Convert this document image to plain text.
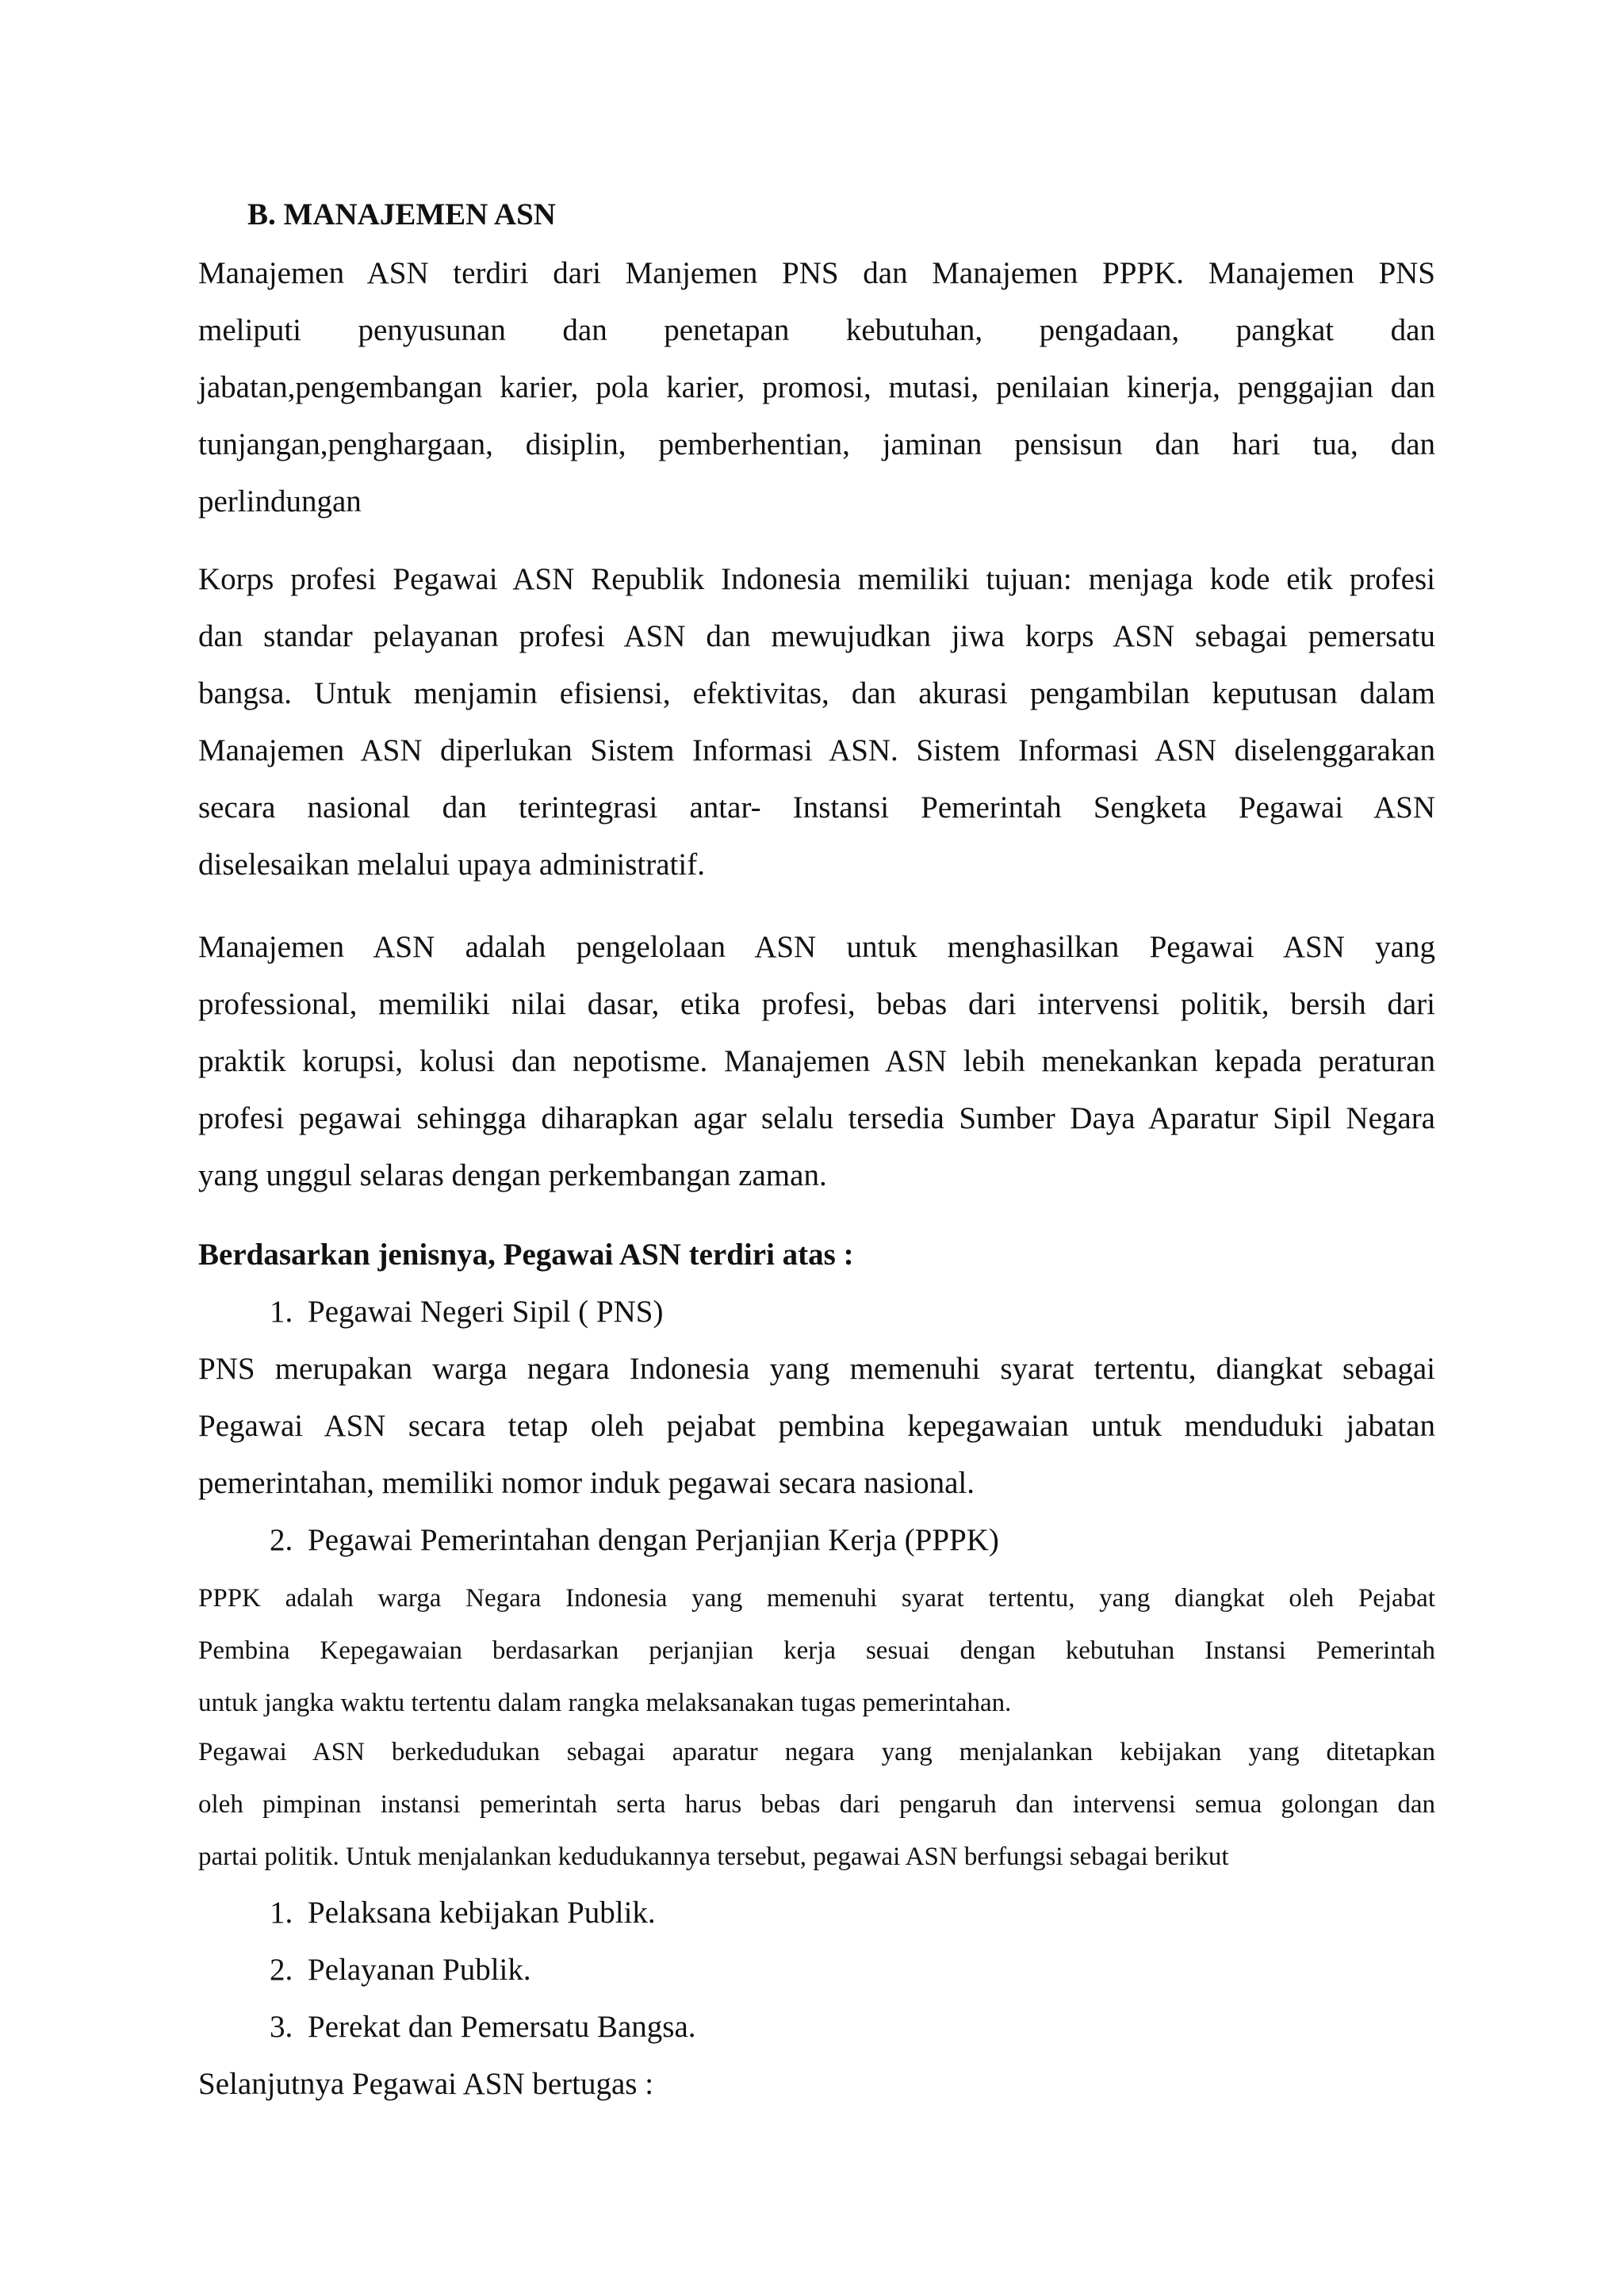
B. MANAJEMEN ASN
Manajemen ASN terdiri dari Manjemen PNS dan Manajemen PPPK. Manajemen PNS
meliputi penyusunan dan penetapan kebutuhan, pengadaan, pangkat dan
jabatan,pengembangan karier, pola karier, promosi, mutasi, penilaian kinerja, penggajian dan
tunjangan,penghargaan, disiplin, pemberhentian, jaminan pensisun dan hari tua, dan
perlindungan
Korps profesi Pegawai ASN Republik Indonesia memiliki tujuan: menjaga kode etik profesi
dan standar pelayanan profesi ASN dan mewujudkan jiwa korps ASN sebagai pemersatu
bangsa. Untuk menjamin efisiensi, efektivitas, dan akurasi pengambilan keputusan dalam
Manajemen ASN diperlukan Sistem Informasi ASN. Sistem Informasi ASN diselenggarakan
secara nasional dan terintegrasi antar- Instansi Pemerintah Sengketa Pegawai ASN
diselesaikan melalui upaya administratif.
Manajemen ASN adalah pengelolaan ASN untuk menghasilkan Pegawai ASN yang
professional, memiliki nilai dasar, etika profesi, bebas dari intervensi politik, bersih dari
praktik korupsi, kolusi dan nepotisme. Manajemen ASN lebih menekankan kepada peraturan
profesi pegawai sehingga diharapkan agar selalu tersedia Sumber Daya Aparatur Sipil Negara
yang unggul selaras dengan perkembangan zaman.
Berdasarkan jenisnya, Pegawai ASN terdiri atas :
1. Pegawai Negeri Sipil ( PNS)
PNS merupakan warga negara Indonesia yang memenuhi syarat tertentu, diangkat sebagai
Pegawai ASN secara tetap oleh pejabat pembina kepegawaian untuk menduduki jabatan
pemerintahan, memiliki nomor induk pegawai secara nasional.
2. Pegawai Pemerintahan dengan Perjanjian Kerja (PPPK)
PPPK adalah warga Negara Indonesia yang memenuhi syarat tertentu, yang diangkat oleh Pejabat
Pembina Kepegawaian berdasarkan perjanjian kerja sesuai dengan kebutuhan Instansi Pemerintah
untuk jangka waktu tertentu dalam rangka melaksanakan tugas pemerintahan.
Pegawai ASN berkedudukan sebagai aparatur negara yang menjalankan kebijakan yang ditetapkan
oleh pimpinan instansi pemerintah serta harus bebas dari pengaruh dan intervensi semua golongan dan
partai politik. Untuk menjalankan kedudukannya tersebut, pegawai ASN berfungsi sebagai berikut
1. Pelaksana kebijakan Publik.
2. Pelayanan Publik.
3. Perekat dan Pemersatu Bangsa.
Selanjutnya Pegawai ASN bertugas :
